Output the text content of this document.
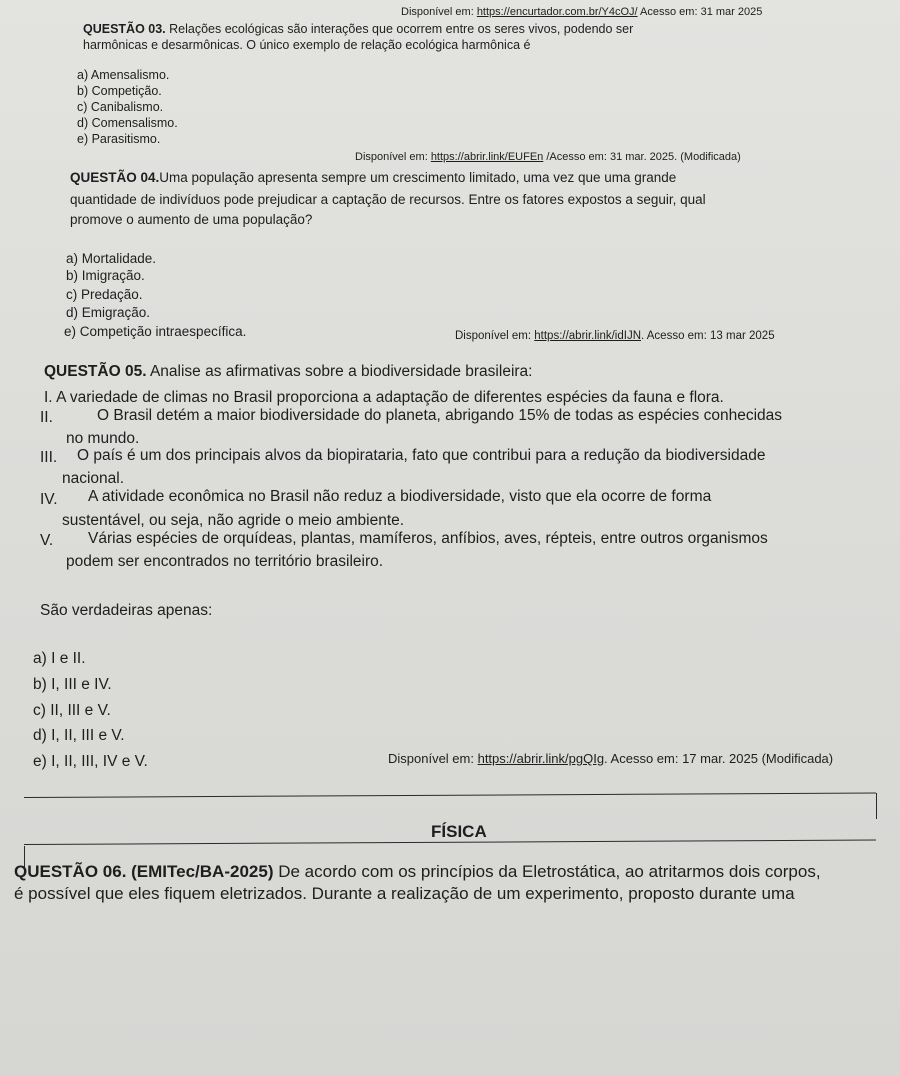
Disponível em: https://encurtador.com.br/Y4cOJ/ Acesso em: 31 mar 2025
QUESTÃO 03. Relações ecológicas são interações que ocorrem entre os seres vivos, podendo ser
harmônicas e desarmônicas. O único exemplo de relação ecológica harmônica é
a) Amensalismo.
b) Competição.
c) Canibalismo.
d) Comensalismo.
e) Parasitismo.
Disponível em: https://abrir.link/EUFEn /Acesso em: 31 mar. 2025. (Modificada)
QUESTÃO 04.Uma população apresenta sempre um crescimento limitado, uma vez que uma grande
quantidade de indivíduos pode prejudicar a captação de recursos. Entre os fatores expostos a seguir, qual
promove o aumento de uma população?
a) Mortalidade.
b) Imigração.
c) Predação.
d) Emigração.
e) Competição intraespecífica.	Disponível em: https://abrir.link/idIJN. Acesso em: 13 mar 2025
QUESTÃO 05. Analise as afirmativas sobre a biodiversidade brasileira:
I. A variedade de climas no Brasil proporciona a adaptação de diferentes espécies da fauna e flora.
II.	O Brasil detém a maior biodiversidade do planeta, abrigando 15% de todas as espécies conhecidas
no mundo.
III. O país é um dos principais alvos da biopirataria, fato que contribui para a redução da biodiversidade
nacional.
IV. A atividade econômica no Brasil não reduz a biodiversidade, visto que ela ocorre de forma
sustentável, ou seja, não agride o meio ambiente.
V. Várias espécies de orquídeas, plantas, mamíferos, anfíbios, aves, répteis, entre outros organismos
podem ser encontrados no território brasileiro.
São verdadeiras apenas:
a) I e II.
b) I, III e IV.
c) II, III e V.
d) I, II, III e V.
e) I, II, III, IV e V.	Disponível em: https://abrir.link/pgQIg. Acesso em: 17 mar. 2025 (Modificada)
FÍSICA
QUESTÃO 06. (EMITec/BA-2025) De acordo com os princípios da Eletrostática, ao atritarmos dois corpos,
é possível que eles fiquem eletrizados. Durante a realização de um experimento, proposto durante uma
